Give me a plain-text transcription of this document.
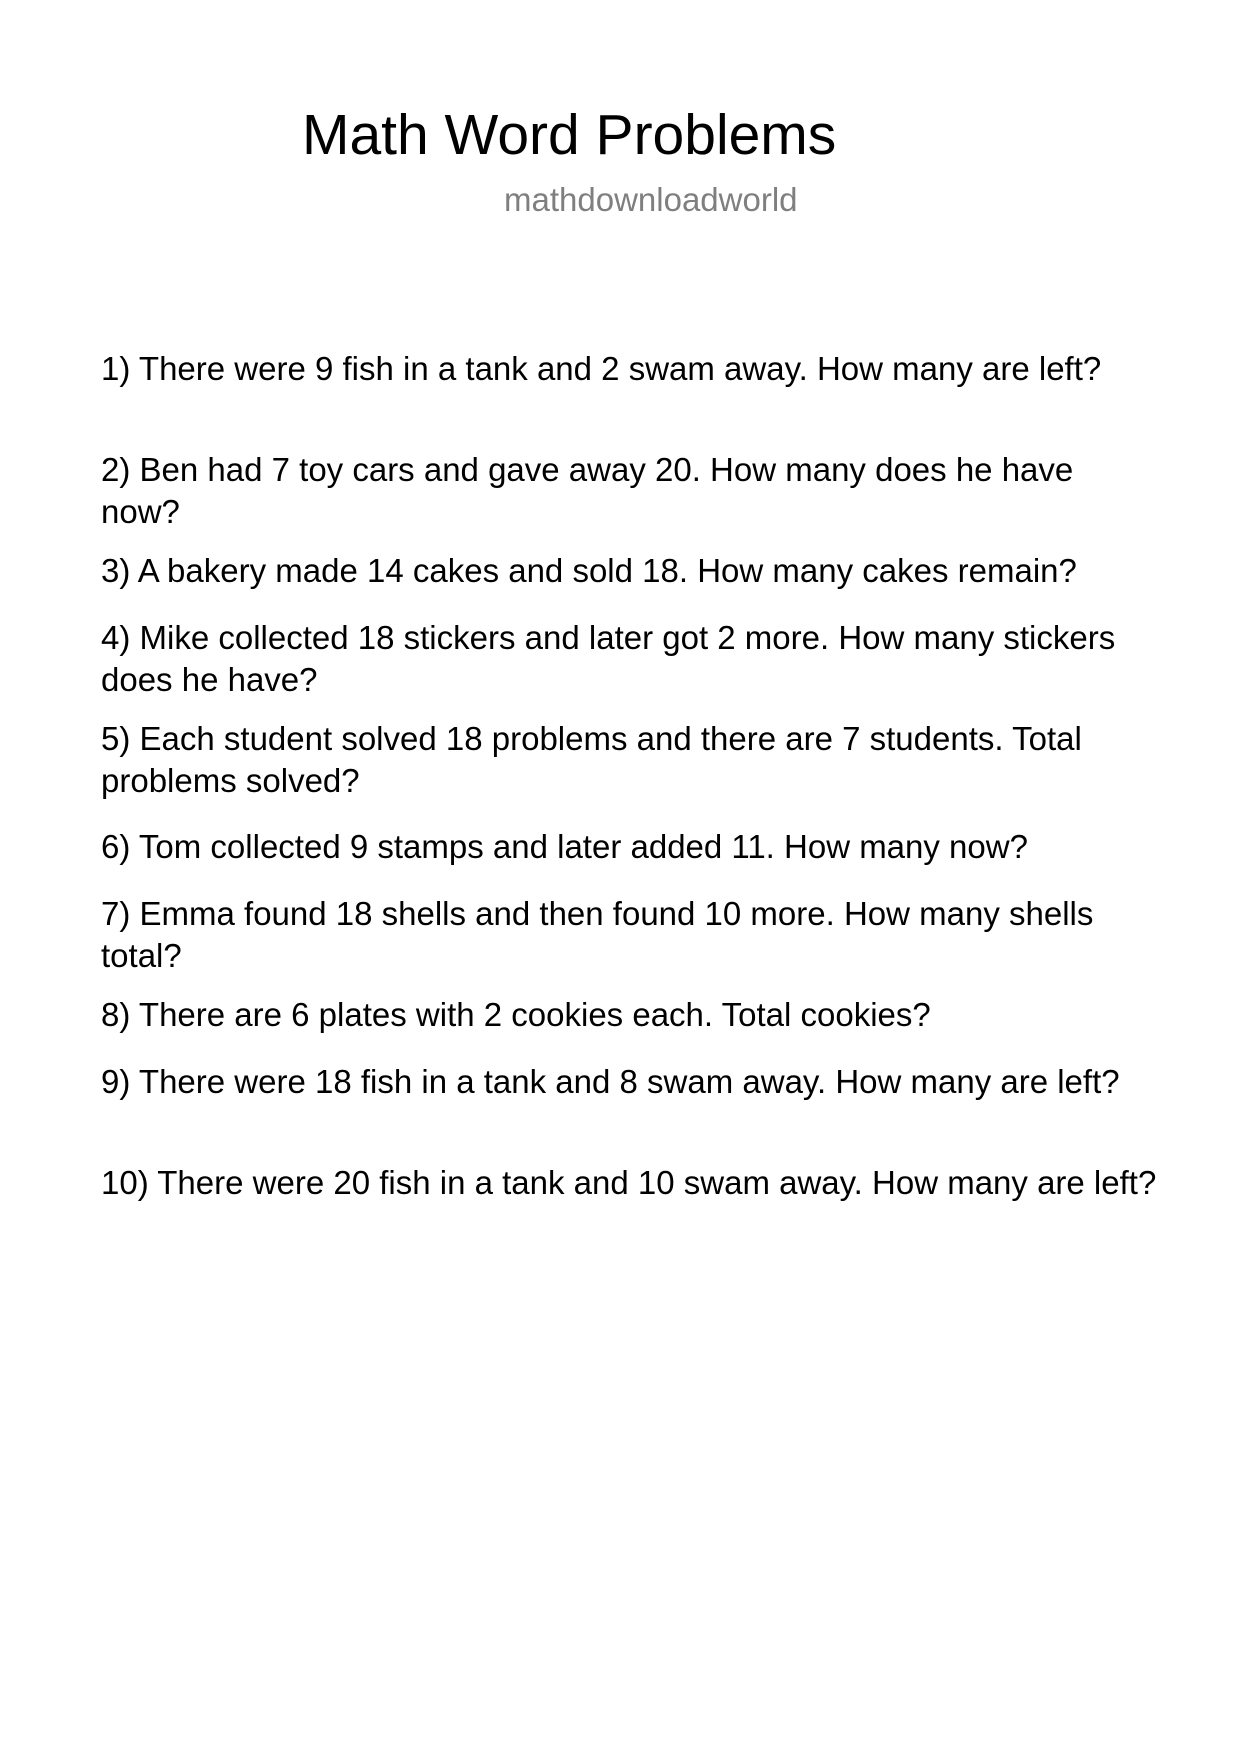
Math Word Problems
mathdownloadworld
1) There were 9 fish in a tank and 2 swam away. How many are left?
2) Ben had 7 toy cars and gave away 20. How many does he have now?
3) A bakery made 14 cakes and sold 18. How many cakes remain?
4) Mike collected 18 stickers and later got 2 more. How many stickers does he have?
5) Each student solved 18 problems and there are 7 students. Total problems solved?
6) Tom collected 9 stamps and later added 11. How many now?
7) Emma found 18 shells and then found 10 more. How many shells total?
8) There are 6 plates with 2 cookies each. Total cookies?
9) There were 18 fish in a tank and 8 swam away. How many are left?
10) There were 20 fish in a tank and 10 swam away. How many are left?
